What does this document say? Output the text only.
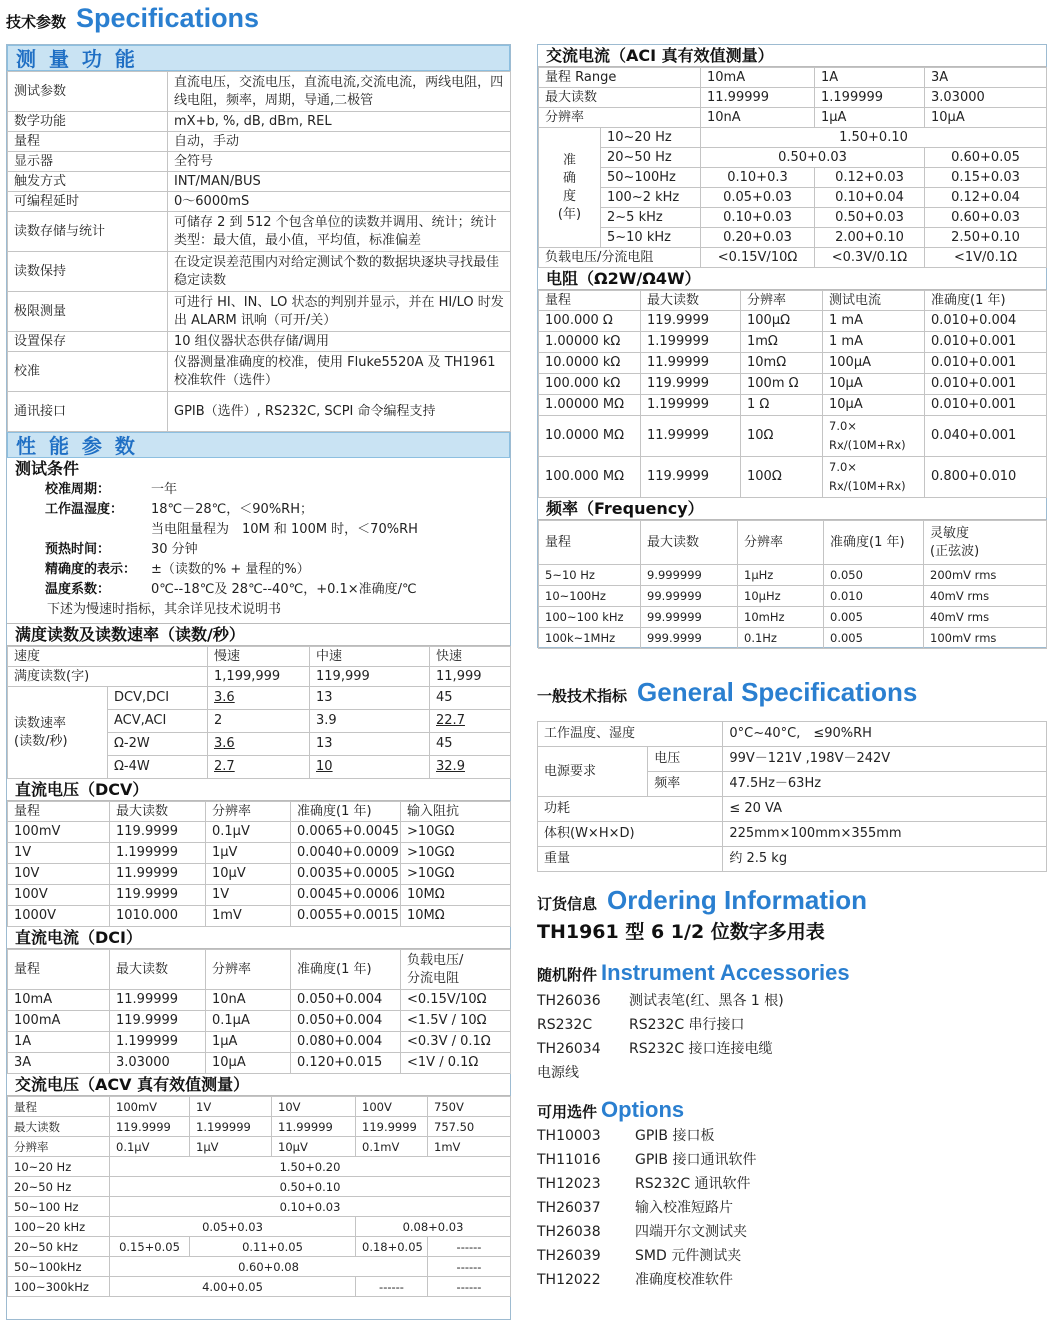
技术参数 Specifications
测 量 功 能
测试参数	直流电压，交流电压，直流电流,交流电流，两线电阻，四线电阻，频率，周期，导通,二极管
数学功能	mX+b, %, dB, dBm, REL
量程	自动，手动
显示器	全符号
触发方式	INT/MAN/BUS
可编程延时	0～6000mS
读数存储与统计	可储存 2 到 512 个包含单位的读数并调用、统计；统计类型：最大值，最小值，平均值，标准偏差
读数保持	在设定误差范围内对给定测试个数的数据块逐块寻找最佳稳定读数
极限测量	可进行 HI、IN、LO 状态的判别并显示，并在 HI/LO 时发出 ALARM 讯响（可开/关）
设置保存	10 组仪器状态供存储/调用
校准	仪器测量准确度的校准，使用 Fluke5520A 及 TH1961 校准软件（选件）
通讯接口	GPIB（选件）, RS232C, SCPI 命令编程支持
性 能 参 数
测试条件
校准周期：	一年
工作温湿度： 18℃－28℃，＜90%RH；
当电阻量程为　10M 和 100M 时，＜70%RH
预热时间：	30 分钟
精确度的表示： ±（读数的% + 量程的%）
温度系数：	0℃--18℃及 28℃--40℃，+0.1×准确度/℃
下述为慢速时指标，其余详见技术说明书
满度读数及读数速率（读数/秒）
速度		慢速	中速	快速
满度读数(字)		1,199,999	119,999	11,999
读数速率
(读数/秒)	DCV,DCI	3.6	13	45
	ACV,ACI	2	3.9	22.7
	Ω-2W	3.6	13	45
	Ω-4W	2.7	10	32.9
直流电压（DCV）
量程	最大读数	分辨率	准确度(1 年)	输入阻抗
100mV	119.9999	0.1μV	0.0065+0.0045	>10GΩ
1V	1.199999	1μV	0.0040+0.0009	>10GΩ
10V	11.99999	10μV	0.0035+0.0005	>10GΩ
100V	119.9999	1V	0.0045+0.0006	10MΩ
1000V	1010.000	1mV	0.0055+0.0015	10MΩ
直流电流（DCI）
量程	最大读数	分辨率	准确度(1 年)	负载电压/
分流电阻
10mA	11.99999	10nA	0.050+0.004	<0.15V/10Ω
100mA	119.9999	0.1μA	0.050+0.004	<1.5V / 10Ω
1A	1.199999	1μA	0.080+0.004	<0.3V / 0.1Ω
3A	3.03000	10μA	0.120+0.015	<1V / 0.1Ω
交流电压（ACV 真有效值测量）
量程	100mV	1V	10V	100V	750V
最大读数	119.9999	1.199999	11.99999	119.9999	757.50
分辨率	0.1μV	1μV	10μV	0.1mV	1mV
10~20 Hz	1.50+0.20				
20~50 Hz	0.50+0.10				
50~100 Hz	0.10+0.03				
100~20 kHz	0.05+0.03			0.08+0.03	
20~50 kHz	0.15+0.05	0.11+0.05		0.18+0.05	------
50~100kHz	0.60+0.08				------
100~300kHz	4.00+0.05			------	------
交流电流（ACI 真有效值测量）
量程 Range		10mA	1A	3A
最大读数		11.99999	1.199999	3.03000
分辨率		10nA	1μA	10μA
准
确
度
(年)	10~20 Hz	1.50+0.10		
	20~50 Hz	0.50+0.03		0.60+0.05
	50~100Hz	0.10+0.3	0.12+0.03	0.15+0.03
	100~2 kHz	0.05+0.03	0.10+0.04	0.12+0.04
	2~5 kHz	0.10+0.03	0.50+0.03	0.60+0.03
	5~10 kHz	0.20+0.03	2.00+0.10	2.50+0.10
负载电压/分流电阻		<0.15V/10Ω	<0.3V/0.1Ω	<1V/0.1Ω
电阻（Ω2W/Ω4W）
量程	最大读数	分辨率	测试电流	准确度(1 年)
100.000 Ω	119.9999	100μΩ	1 mA	0.010+0.004
1.00000 kΩ	1.199999	1mΩ	1 mA	0.010+0.001
10.0000 kΩ	11.99999	10mΩ	100μA	0.010+0.001
100.000 kΩ	119.9999	100m Ω	10μA	0.010+0.001
1.00000 MΩ	1.199999	1 Ω	10μA	0.010+0.001
10.0000 MΩ	11.99999	10Ω	7.0×
Rx/(10M+Rx)	0.040+0.001
100.000 MΩ	119.9999	100Ω	7.0×
Rx/(10M+Rx)	0.800+0.010
频率（Frequency）
量程	最大读数	分辨率	准确度(1 年)	灵敏度
(正弦波)
5~10 Hz	9.999999	1μHz	0.050	200mV rms
10~100Hz	99.99999	10μHz	0.010	40mV rms
100~100 kHz	99.99999	10mHz	0.005	40mV rms
100k~1MHz	999.9999	0.1Hz	0.005	100mV rms
一般技术指标 General Specifications
工作温度、湿度		0°C~40°C,　≤90%RH
电源要求	电压	99V－121V ,198V－242V
	频率	47.5Hz－63Hz
功耗		≤ 20 VA
体积(W×H×D)		225mm×100mm×355mm
重量		约 2.5 kg
订货信息 Ordering Information
TH1961 型 6 1/2 位数字多用表
随机附件 Instrument Accessories
TH26036 测试表笔(红、黑各 1 根)
RS232C	RS232C 串行接口
TH26034 RS232C 接口连接电缆
电源线
可用选件 Options
TH10003 GPIB 接口板
TH11016 GPIB 接口通讯软件
TH12023 RS232C 通讯软件
TH26037 输入校准短路片
TH26038 四端开尔文测试夹
TH26039 SMD 元件测试夹
TH12022 准确度校准软件
